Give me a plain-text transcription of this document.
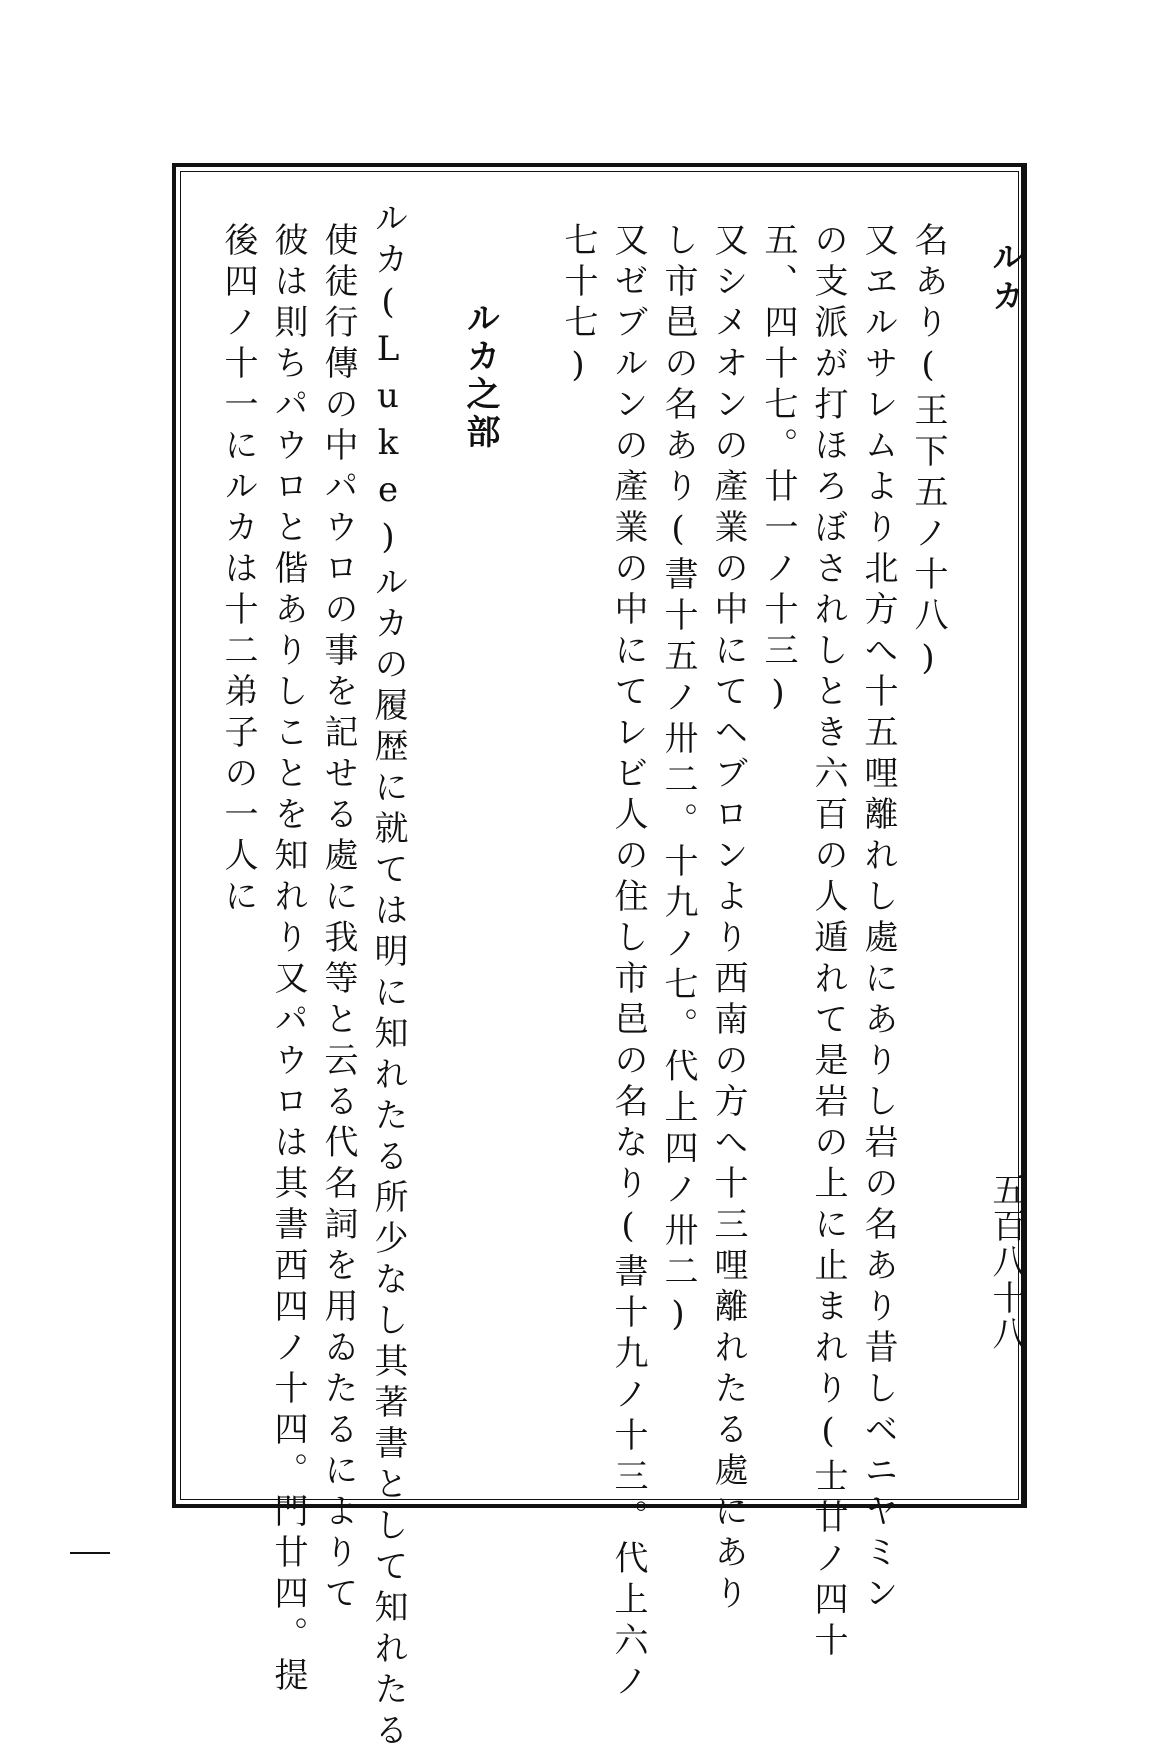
ルカ
五百八十八
名あり(王下五ノ十八)
又ヱルサレムより北方へ十五哩離れし處にありし岩の名あり昔しベニヤミン
の支派が打ほろぼされしとき六百の人遁れて是岩の上に止まれり(士廿ノ四十
五、四十七。廿一ノ十三)
又シメオンの產業の中にてヘブロンより西南の方へ十三哩離れたる處にあり
し市邑の名あり(書十五ノ卅二。十九ノ七。代上四ノ卅二)
又ゼブルンの產業の中にてレビ人の住し市邑の名なり(書十九ノ十三。代上六ノ
七十七)
ルカ之部
ルカ(Luke)ルカの履歴に就ては明に知れたる所少なし其著書として知れたる
使徒行傳の中パウロの事を記せる處に我等と云る代名詞を用ゐたるによりて
彼は則ちパウロと偕ありしことを知れり又パウロは其書西四ノ十四。門廿四。提
後四ノ十一にルカは十二弟子の一人に
